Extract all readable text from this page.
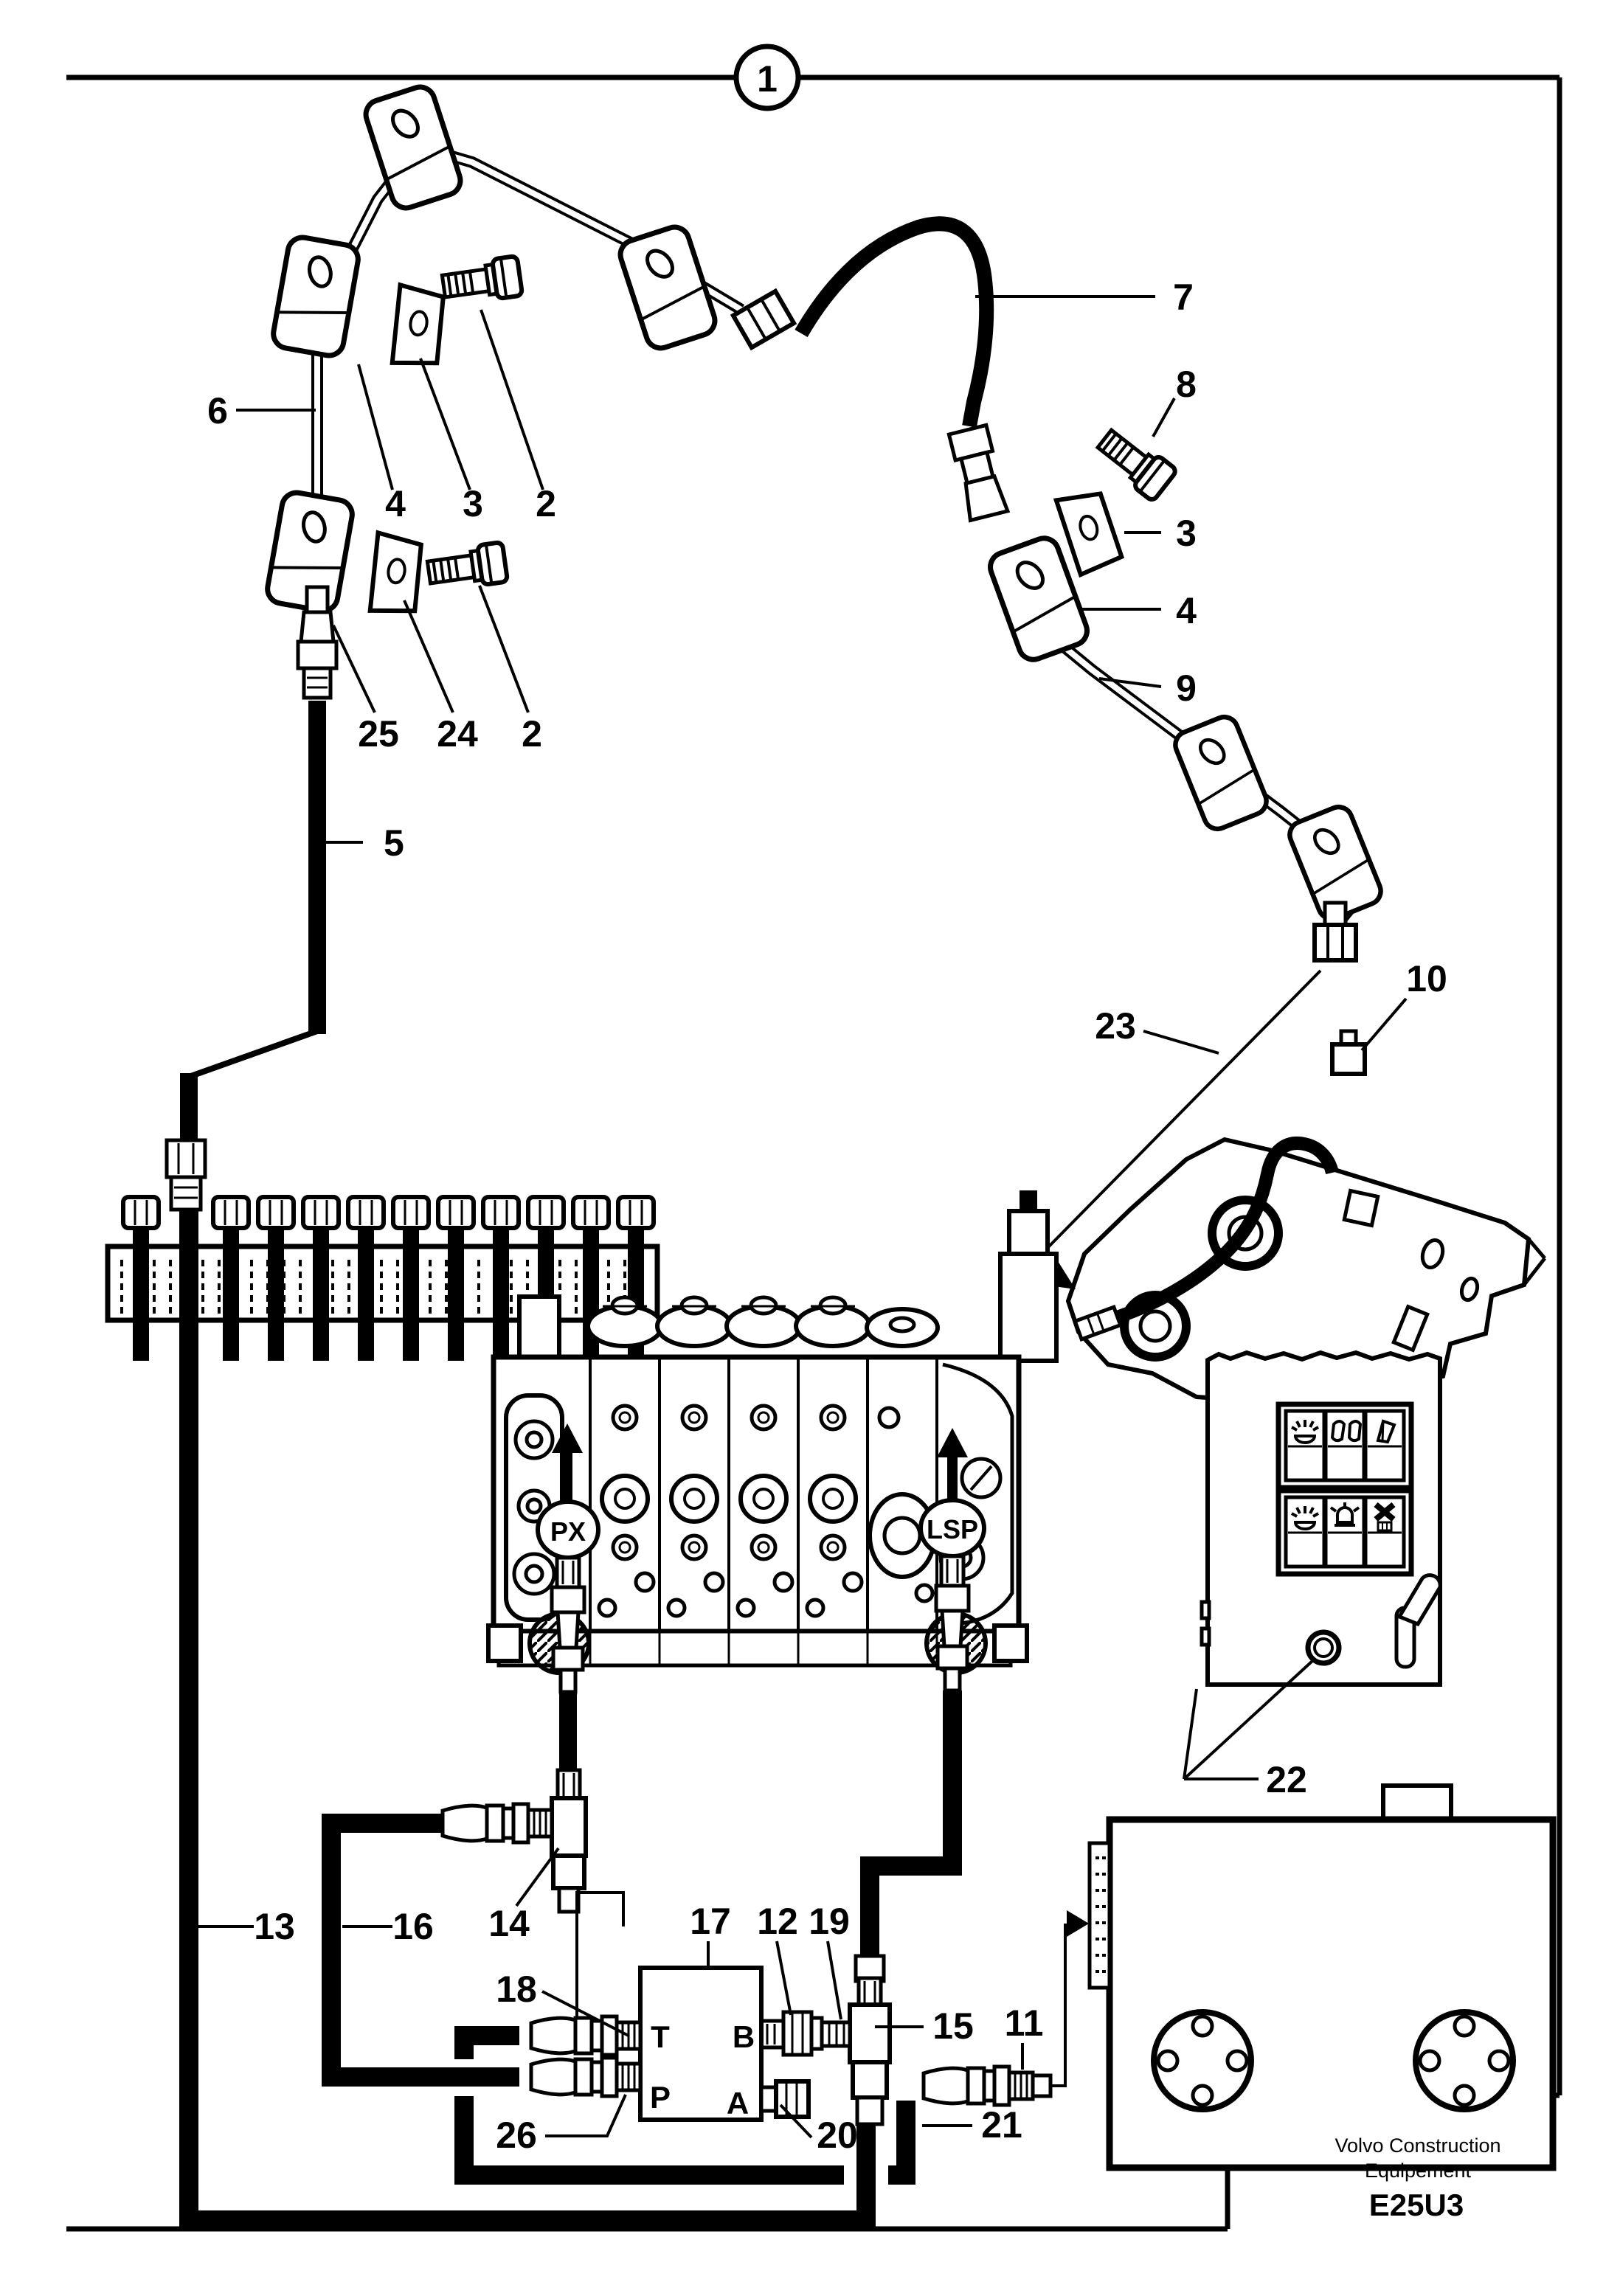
1
PX	LSP
T B
P A
6
4 3 2
25 24 2
5
7
8
3
4
9
23
10
22
13	16 14	17 12 19
18
15 11
26	20	21	Volvo Construction
Equipement
E25U3
